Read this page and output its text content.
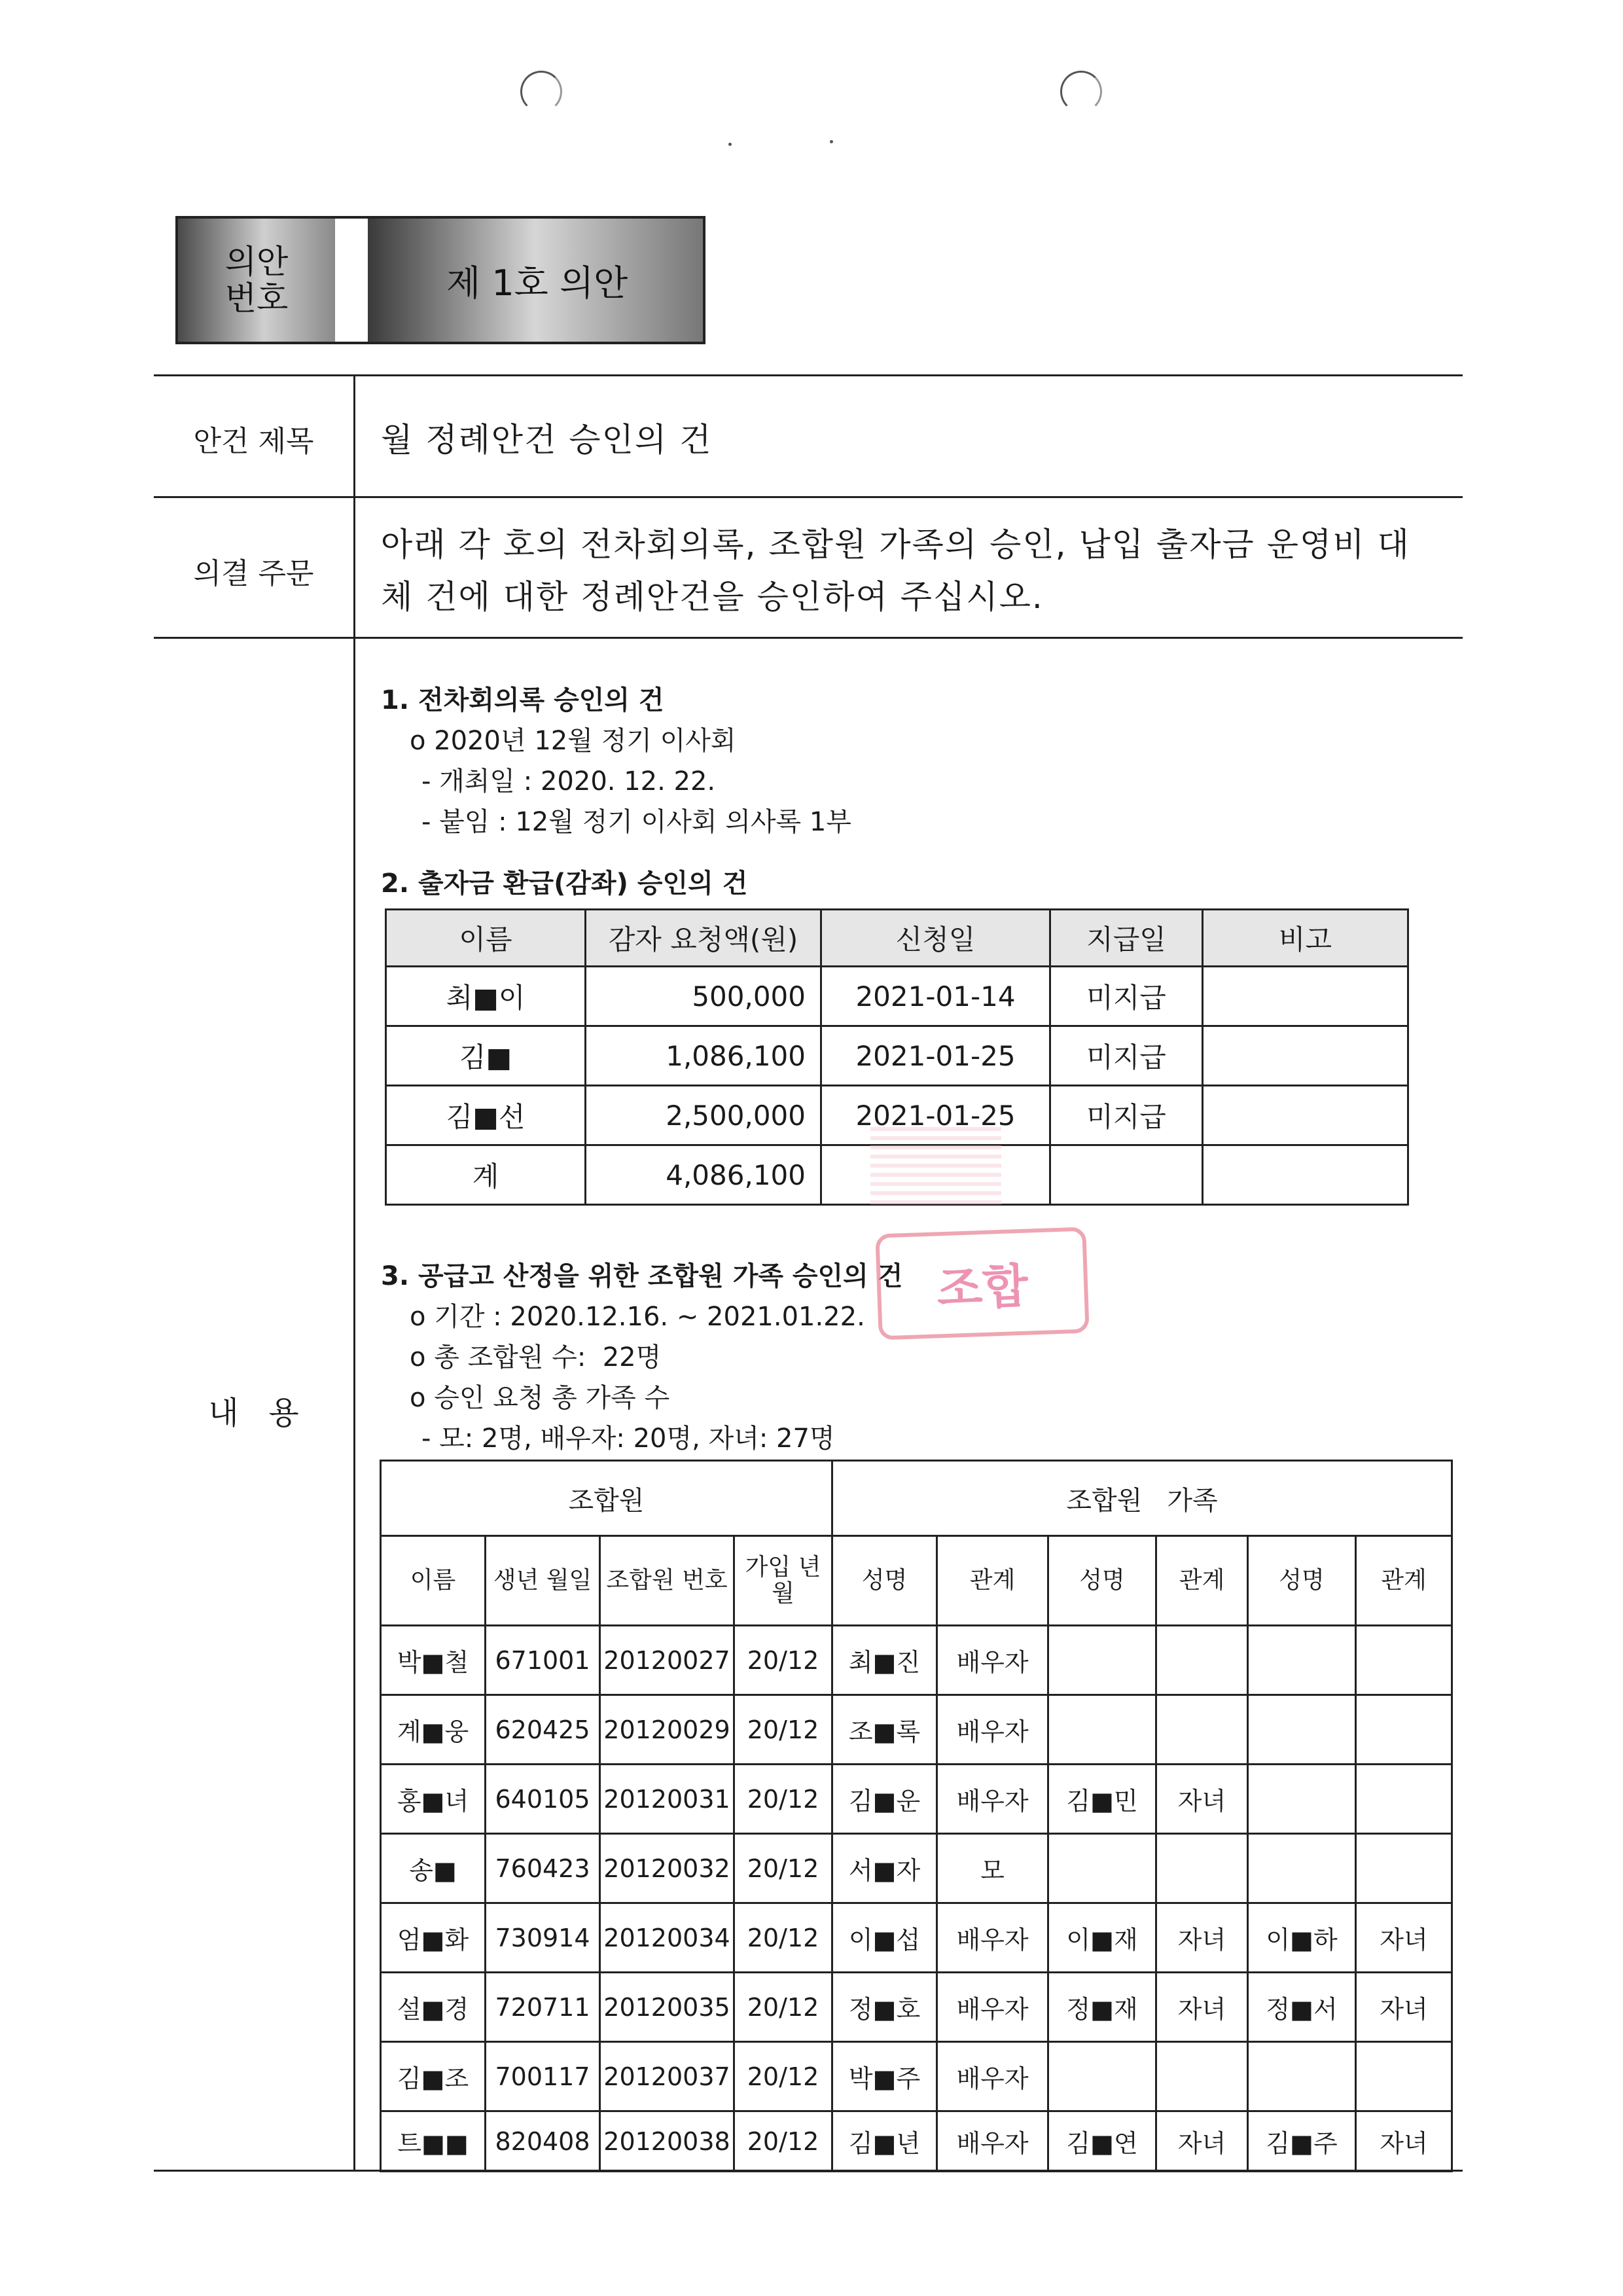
의안
번호	제 1호 의안
안건 제목	월 정례안건 승인의 건
의결 주문
아래 각 호의 전차회의록, 조합원 가족의 승인, 납입 출자금 운영비 대
체 건에 대한 정례안건을 승인하여 주십시오.
내   용
1. 전차회의록 승인의 건
o 2020년 12월 정기 이사회
- 개최일 : 2020. 12. 22.
- 붙임 : 12월 정기 이사회 의사록 1부
2. 출자금 환급(감좌) 승인의 건
이름	감자 요청액(원)	신청일	지급일	비고
최■이	500,000	2021-01-14	미지급	
김■	1,086,100	2021-01-25	미지급	
김■선	2,500,000	2021-01-25	미지급	
계	4,086,100			
3. 공급고 산정을 위한 조합원 가족 승인의 건
o 기간 : 2020.12.16. ~ 2021.01.22.
o 총 조합원 수:  22명
o 승인 요청 총 가족 수
- 모: 2명, 배우자: 20명, 자녀: 27명
조합
조합원				조합원   가족					
이름	생년 월일	조합원 번호	가입 년월	성명	관계	성명	관계	성명	관계
박■철	671001	20120027	20/12	최■진	배우자				
계■웅	620425	20120029	20/12	조■록	배우자				
홍■녀	640105	20120031	20/12	김■운	배우자	김■민	자녀		
송■	760423	20120032	20/12	서■자	모				
엄■화	730914	20120034	20/12	이■섭	배우자	이■재	자녀	이■하	자녀
설■경	720711	20120035	20/12	정■호	배우자	정■재	자녀	정■서	자녀
김■조	700117	20120037	20/12	박■주	배우자				
트■■	820408	20120038	20/12	김■년	배우자	김■연	자녀	김■주	자녀
